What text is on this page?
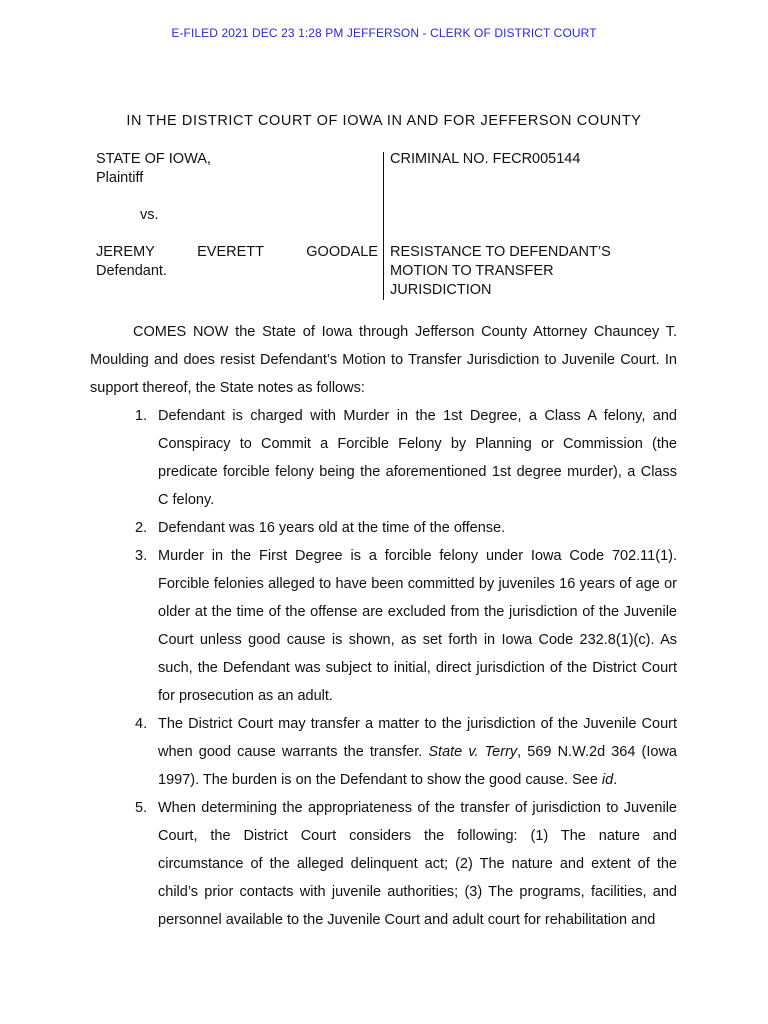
E-FILED 2021 DEC 23 1:28 PM JEFFERSON - CLERK OF DISTRICT COURT
IN THE DISTRICT COURT OF IOWA IN AND FOR JEFFERSON COUNTY
STATE OF IOWA,
Plaintiff
CRIMINAL NO. FECR005144
vs.
JEREMY	EVERETT	GOODALE
Defendant.
RESISTANCE TO DEFENDANT’S
MOTION TO TRANSFER
JURISDICTION

COMES NOW the State of Iowa through Jefferson County Attorney Chauncey T. Moulding and does resist Defendant’s Motion to Transfer Jurisdiction to Juvenile Court. In support thereof, the State notes as follows:

1. Defendant is charged with Murder in the 1st Degree, a Class A felony, and Conspiracy to Commit a Forcible Felony by Planning or Commission (the predicate forcible felony being the aforementioned 1st degree murder), a Class C felony.
2. Defendant was 16 years old at the time of the offense.
3. Murder in the First Degree is a forcible felony under Iowa Code 702.11(1). Forcible felonies alleged to have been committed by juveniles 16 years of age or older at the time of the offense are excluded from the jurisdiction of the Juvenile Court unless good cause is shown, as set forth in Iowa Code 232.8(1)(c). As such, the Defendant was subject to initial, direct jurisdiction of the District Court for prosecution as an adult.
4. The District Court may transfer a matter to the jurisdiction of the Juvenile Court when good cause warrants the transfer. State v. Terry, 569 N.W.2d 364 (Iowa 1997). The burden is on the Defendant to show the good cause. See id.
5. When determining the appropriateness of the transfer of jurisdiction to Juvenile Court, the District Court considers the following: (1) The nature and circumstance of the alleged delinquent act; (2) The nature and extent of the child’s prior contacts with juvenile authorities; (3) The programs, facilities, and personnel available to the Juvenile Court and adult court for rehabilitation and
